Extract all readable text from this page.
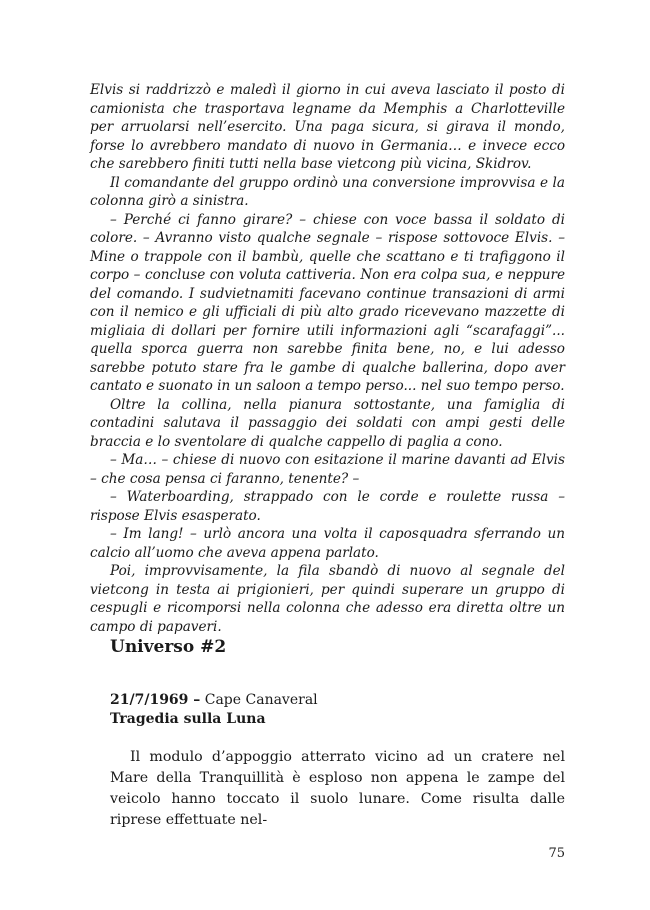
Elvis si raddrizzò e maledì il giorno in cui aveva lasciato il posto di camionista che trasportava legname da Memphis a Charlotteville per arruolarsi nell’esercito. Una paga sicura, si girava il mondo, forse lo avrebbero mandato di nuovo in Germania… e invece ecco che sarebbero finiti tutti nella base vietcong più vicina, Skidrov.

Il comandante del gruppo ordinò una conversione improvvisa e la colonna girò a sinistra.

– Perché ci fanno girare? – chiese con voce bassa il soldato di colore. – Avranno visto qualche segnale – rispose sottovoce Elvis. – Mine o trappole con il bambù, quelle che scattano e ti trafiggono il corpo – concluse con voluta cattiveria. Non era colpa sua, e neppure del comando. I sudvietnamiti facevano continue transazioni di armi con il nemico e gli ufficiali di più alto grado ricevevano mazzette di migliaia di dollari per fornire utili informazioni agli “scarafaggi”... quella sporca guerra non sarebbe finita bene, no, e lui adesso sarebbe potuto stare fra le gambe di qualche ballerina, dopo aver cantato e suonato in un saloon a tempo perso... nel suo tempo perso.

Oltre la collina, nella pianura sottostante, una famiglia di contadini salutava il passaggio dei soldati con ampi gesti delle braccia e lo sventolare di qualche cappello di paglia a cono.

– Ma… – chiese di nuovo con esitazione il marine davanti ad Elvis – che cosa pensa ci faranno, tenente? –

– Waterboarding, strappado con le corde e roulette russa – rispose Elvis esasperato.

– Im lang! – urlò ancora una volta il caposquadra sferrando un calcio all’uomo che aveva appena parlato.

Poi, improvvisamente, la fila sbandò di nuovo al segnale del vietcong in testa ai prigionieri, per quindi superare un gruppo di cespugli e ricomporsi nella colonna che adesso era diretta oltre un campo di papaveri.

Universo #2
21/7/1969 – Cape Canaveral
Tragedia sulla Luna

Il modulo d’appoggio atterrato vicino ad un cratere nel Mare della Tranquillità è esploso non appena le zampe del veicolo hanno toccato il suolo lunare. Come risulta dalle riprese effettuate nel-

75
